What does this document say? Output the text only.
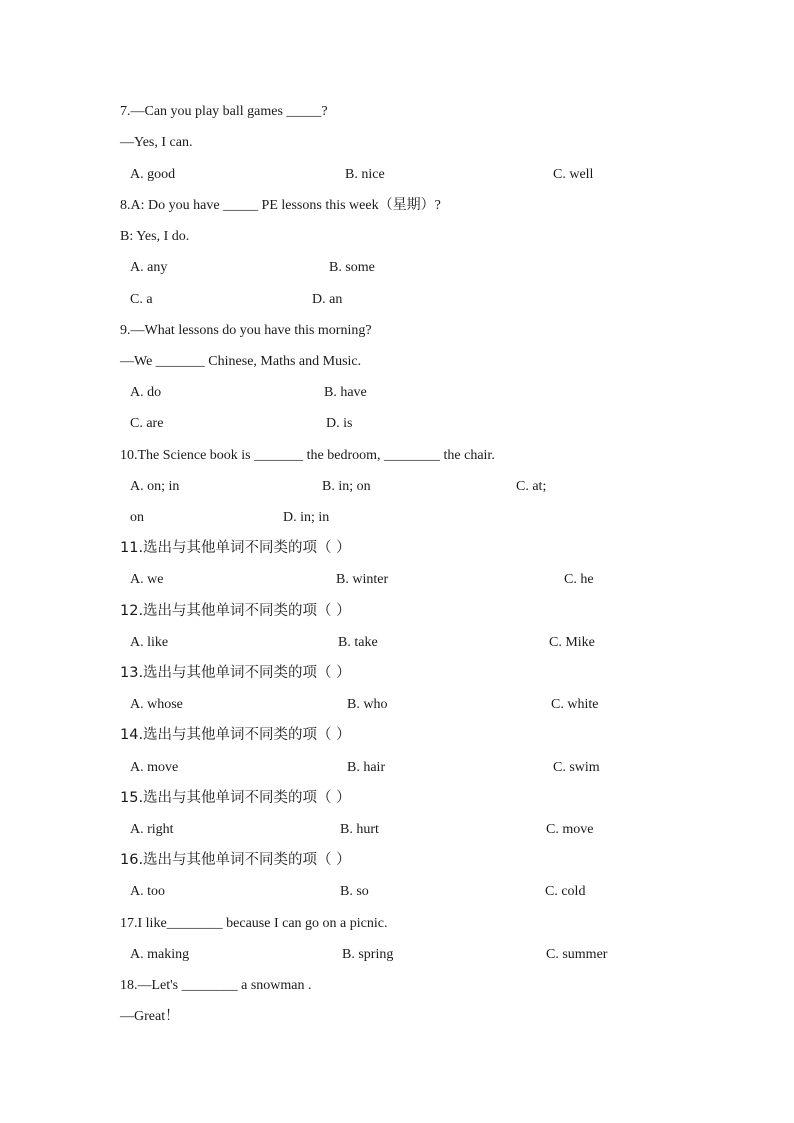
7.—Can you play ball games _____?
—Yes, I can.
A. good	B. nice	C. well
8.A: Do you have _____ PE lessons this week（星期）?
B: Yes, I do.
A. any	B. some
C. a	D. an
9.—What lessons do you have this morning?
—We _______ Chinese, Maths and Music.
A. do	B. have
C. are	D. is
10.The Science book is _______ the bedroom, ________ the chair.
A. on; in	B. in; on	C. at;
on	D. in; in
11.选出与其他单词不同类的项（ ）
A. we	B. winter	C. he
12.选出与其他单词不同类的项（ ）
A. like	B. take	C. Mike
13.选出与其他单词不同类的项（ ）
A. whose	B. who	C. white
14.选出与其他单词不同类的项（ ）
A. move	B. hair	C. swim
15.选出与其他单词不同类的项（ ）
A. right	B. hurt	C. move
16.选出与其他单词不同类的项（ ）
A. too	B. so	C. cold
17.I like________ because I can go on a picnic.
A. making	B. spring	C. summer
18.—Let's ________ a snowman .
—Great！
